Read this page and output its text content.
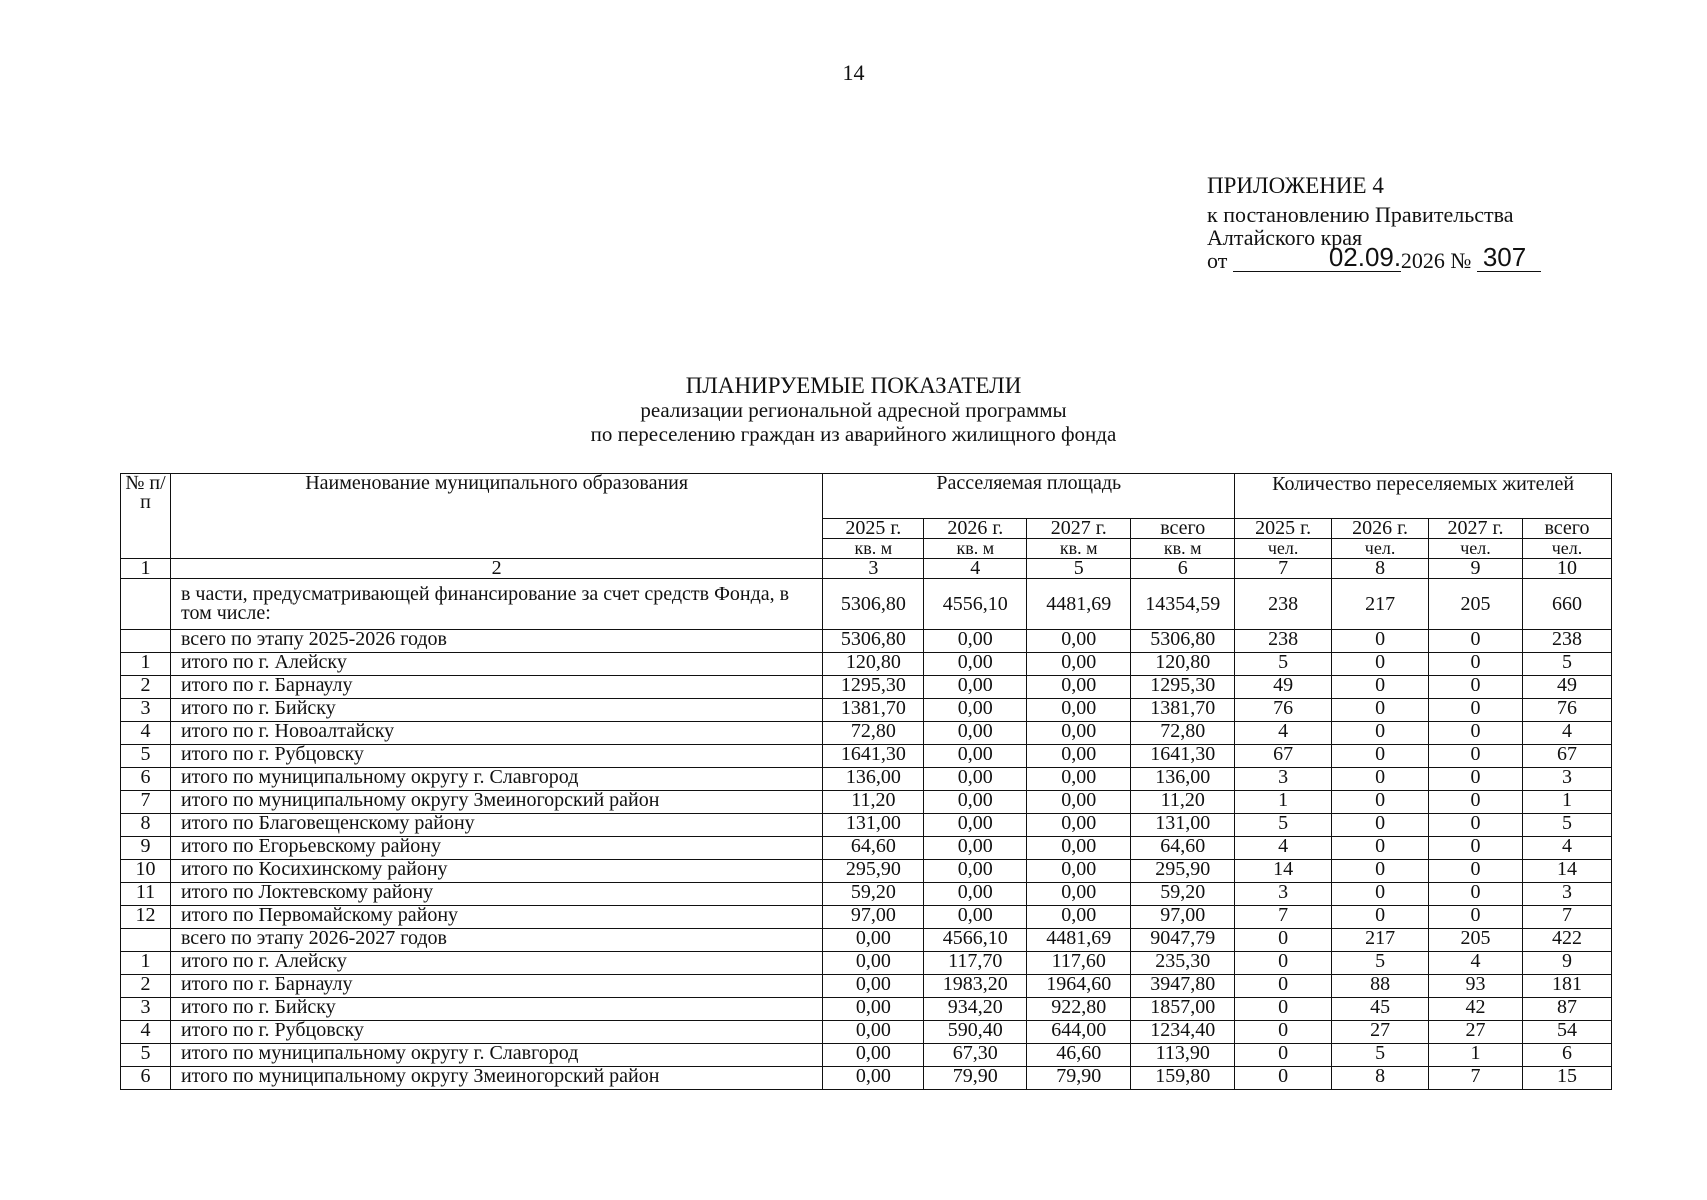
14
ПРИЛОЖЕНИЕ 4
к постановлению Правительства
Алтайского края
от	02.09. 2026 № 307
ПЛАНИРУЕМЫЕ ПОКАЗАТЕЛИ
реализации региональной адресной программы
по переселению граждан из аварийного жилищного фонда
№ п/п	Наименование муниципального образования	Расселяемая площадь				Количество переселяемых жителей			
		2025 г.	2026 г.	2027 г.	всего	2025 г.	2026 г.	2027 г.	всего
		кв. м	кв. м	кв. м	кв. м	чел.	чел.	чел.	чел.
1	2	3	4	5	6	7	8	9	10
	в части, предусматривающей финансирование за счет средств Фонда, в том числе:	5306,80	4556,10	4481,69	14354,59	238	217	205	660
	всего по этапу 2025-2026 годов	5306,80	0,00	0,00	5306,80	238	0	0	238
1	итого по г. Алейску	120,80	0,00	0,00	120,80	5	0	0	5
2	итого по г. Барнаулу	1295,30	0,00	0,00	1295,30	49	0	0	49
3	итого по г. Бийску	1381,70	0,00	0,00	1381,70	76	0	0	76
4	итого по г. Новоалтайску	72,80	0,00	0,00	72,80	4	0	0	4
5	итого по г. Рубцовску	1641,30	0,00	0,00	1641,30	67	0	0	67
6	итого по муниципальному округу г. Славгород	136,00	0,00	0,00	136,00	3	0	0	3
7	итого по муниципальному округу Змеиногорский район	11,20	0,00	0,00	11,20	1	0	0	1
8	итого по Благовещенскому району	131,00	0,00	0,00	131,00	5	0	0	5
9	итого по Егорьевскому району	64,60	0,00	0,00	64,60	4	0	0	4
10	итого по Косихинскому району	295,90	0,00	0,00	295,90	14	0	0	14
11	итого по Локтевскому району	59,20	0,00	0,00	59,20	3	0	0	3
12	итого по Первомайскому району	97,00	0,00	0,00	97,00	7	0	0	7
	всего по этапу 2026-2027 годов	0,00	4566,10	4481,69	9047,79	0	217	205	422
1	итого по г. Алейску	0,00	117,70	117,60	235,30	0	5	4	9
2	итого по г. Барнаулу	0,00	1983,20	1964,60	3947,80	0	88	93	181
3	итого по г. Бийску	0,00	934,20	922,80	1857,00	0	45	42	87
4	итого по г. Рубцовску	0,00	590,40	644,00	1234,40	0	27	27	54
5	итого по муниципальному округу г. Славгород	0,00	67,30	46,60	113,90	0	5	1	6
6	итого по муниципальному округу Змеиногорский район	0,00	79,90	79,90	159,80	0	8	7	15
